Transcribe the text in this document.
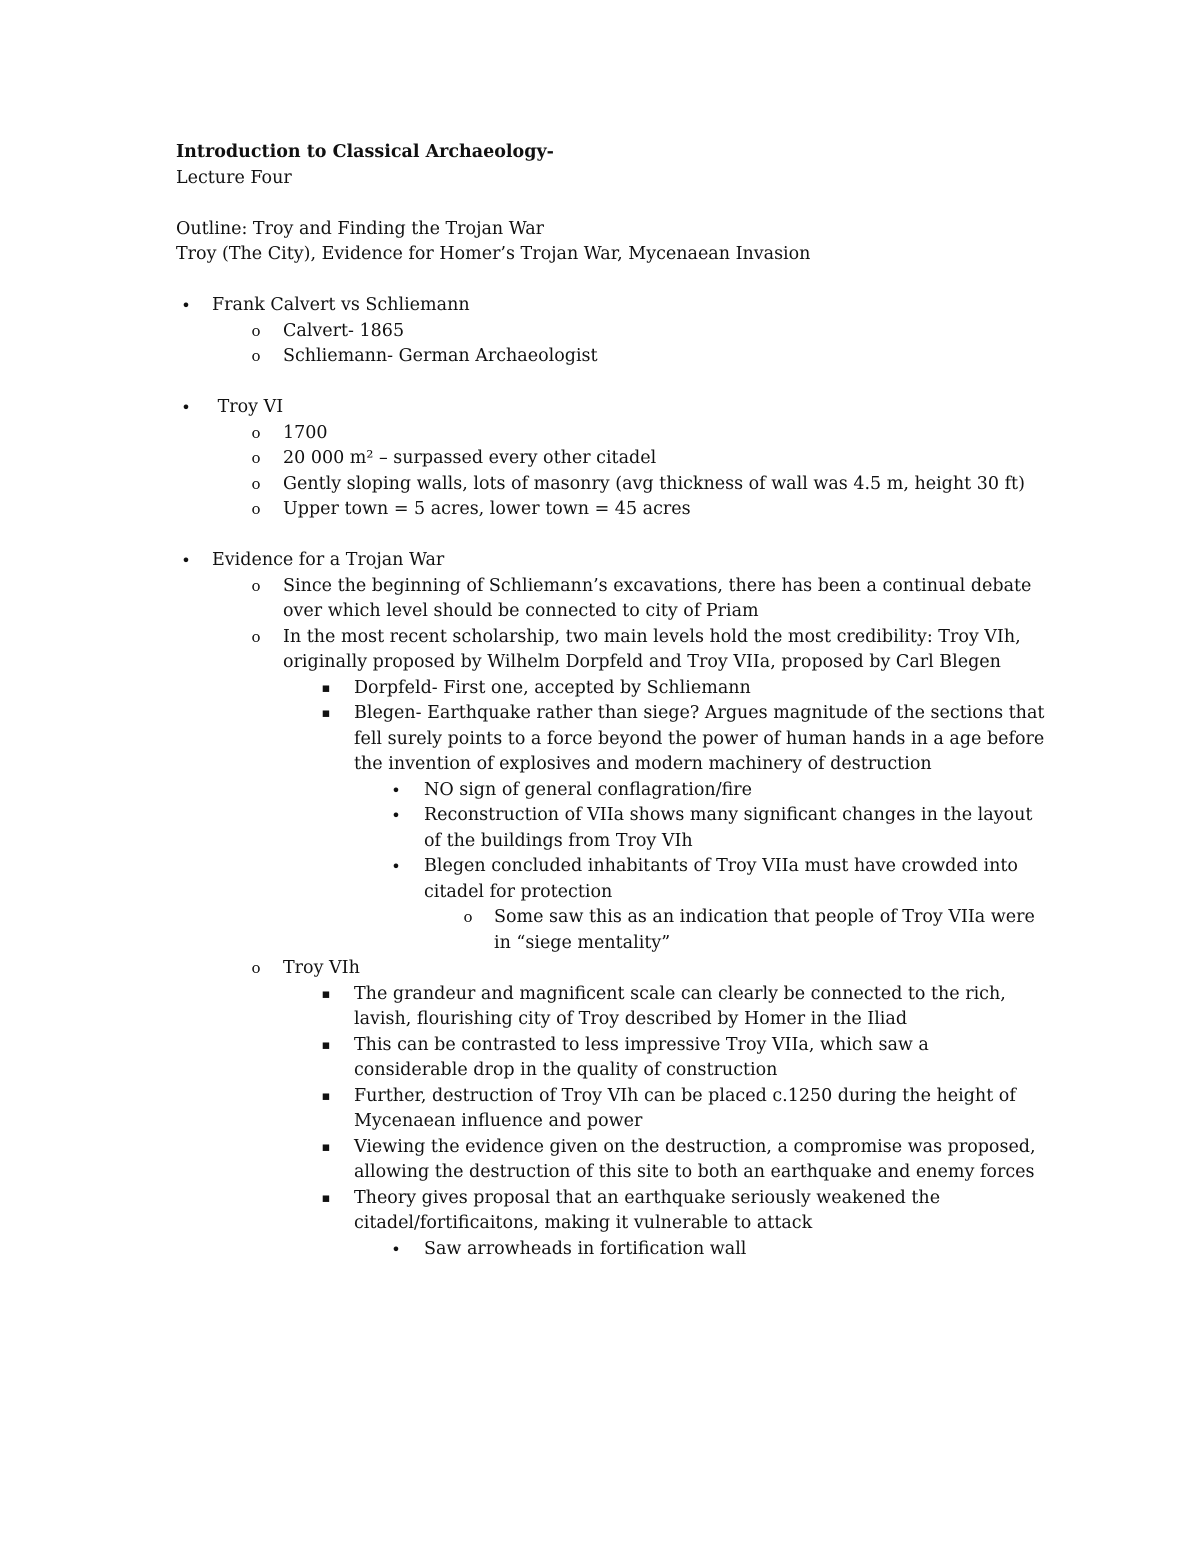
Introduction to Classical Archaeology-
Lecture Four
Outline: Troy and Finding the Trojan War
Troy (The City), Evidence for Homer’s Trojan War, Mycenaean Invasion
•	Frank Calvert vs Schliemann
o	Calvert- 1865
o	Schliemann- German Archaeologist
•	Troy VI
o	1700
o	20 000 m² – surpassed every other citadel
o	Gently sloping walls, lots of masonry (avg thickness of wall was 4.5 m, height 30 ft)
o	Upper town = 5 acres, lower town = 45 acres
•	Evidence for a Trojan War
o	Since the beginning of Schliemann’s excavations, there has been a continual debate over which level should be connected to city of Priam
o	In the most recent scholarship, two main levels hold the most credibility: Troy VIh, originally proposed by Wilhelm Dorpfeld and Troy VIIa, proposed by Carl Blegen
▪	Dorpfeld- First one, accepted by Schliemann
▪	Blegen- Earthquake rather than siege? Argues magnitude of the sections that fell surely points to a force beyond the power of human hands in a age before the invention of explosives and modern machinery of destruction
•	NO sign of general conflagration/fire
•	Reconstruction of VIIa shows many significant changes in the layout of the buildings from Troy VIh
•	Blegen concluded inhabitants of Troy VIIa must have crowded into citadel for protection
o	Some saw this as an indication that people of Troy VIIa were in “siege mentality”
o	Troy VIh
▪	The grandeur and magnificent scale can clearly be connected to the rich, lavish, flourishing city of Troy described by Homer in the Iliad
▪	This can be contrasted to less impressive Troy VIIa, which saw a considerable drop in the quality of construction
▪	Further, destruction of Troy VIh can be placed c.1250 during the height of Mycenaean influence and power
▪	Viewing the evidence given on the destruction, a compromise was proposed, allowing the destruction of this site to both an earthquake and enemy forces
▪	Theory gives proposal that an earthquake seriously weakened the citadel/fortificaitons, making it vulnerable to attack
•	Saw arrowheads in fortification wall
